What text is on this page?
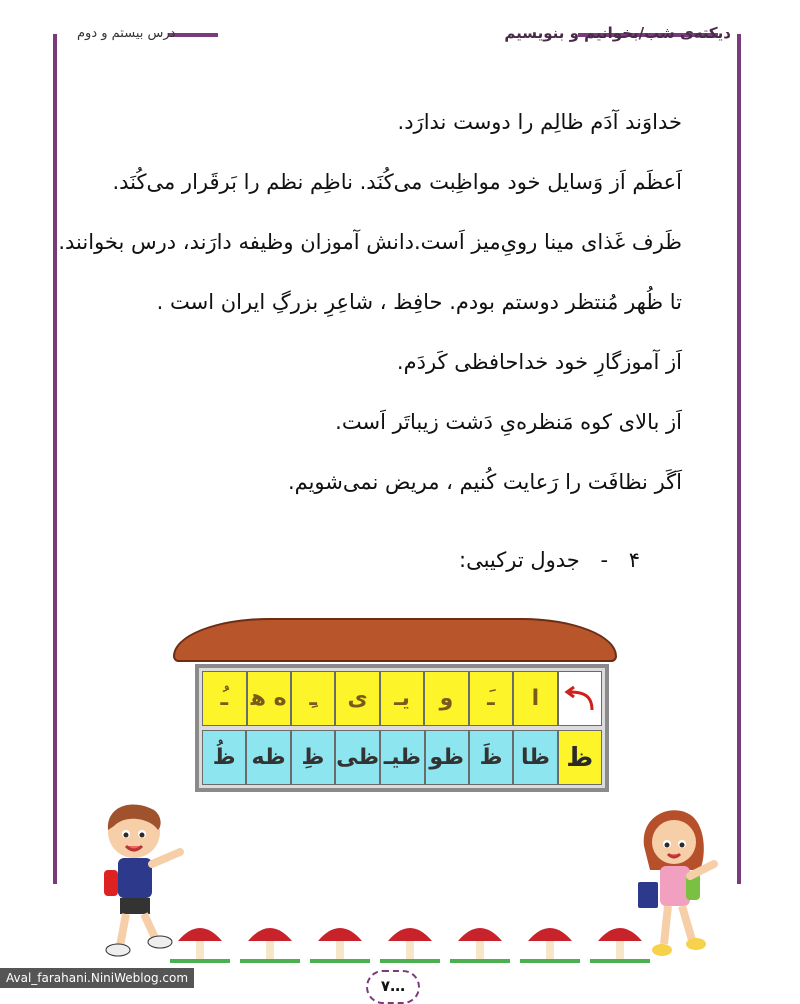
دیکته‌ی شب/بخوانیم و بنویسیم
درس بیستم و دوم
خداوَند آدَم ظالِم را دوست ندارَد.
اَعظَم اَز وَسایل خود مواظِبت می‌کُنَد. ناظِم نظم را بَرقَرار می‌کُنَد.
ظَرف غَذای مینا رویِ‌میز اَست.دانش آموزان وظیفه دارَند، درس بخوانند.
تا ظُهر مُنتظر دوستم بودم. حافِظ ، شاعِرِ بزرگِ ایران است .
اَز آموزگارِ خود خداحافظی کَردَم.
اَز بالای کوه مَنظره‌یِ دَشت زیباتَر اَست.
اَگَر نظافَت را رَعایت کُنیم ، مریض نمی‌شویم.
۴ - جدول ترکیبی:
ا
َـ
و
یـ
ی
ِـ
ه ﻫ
ُـ
ظ
ظا
ظَ
ظو
ظیـ
ظی
ظِ
ظه
ظُ
Aval_farahani.NiniWeblog.com	۷…
